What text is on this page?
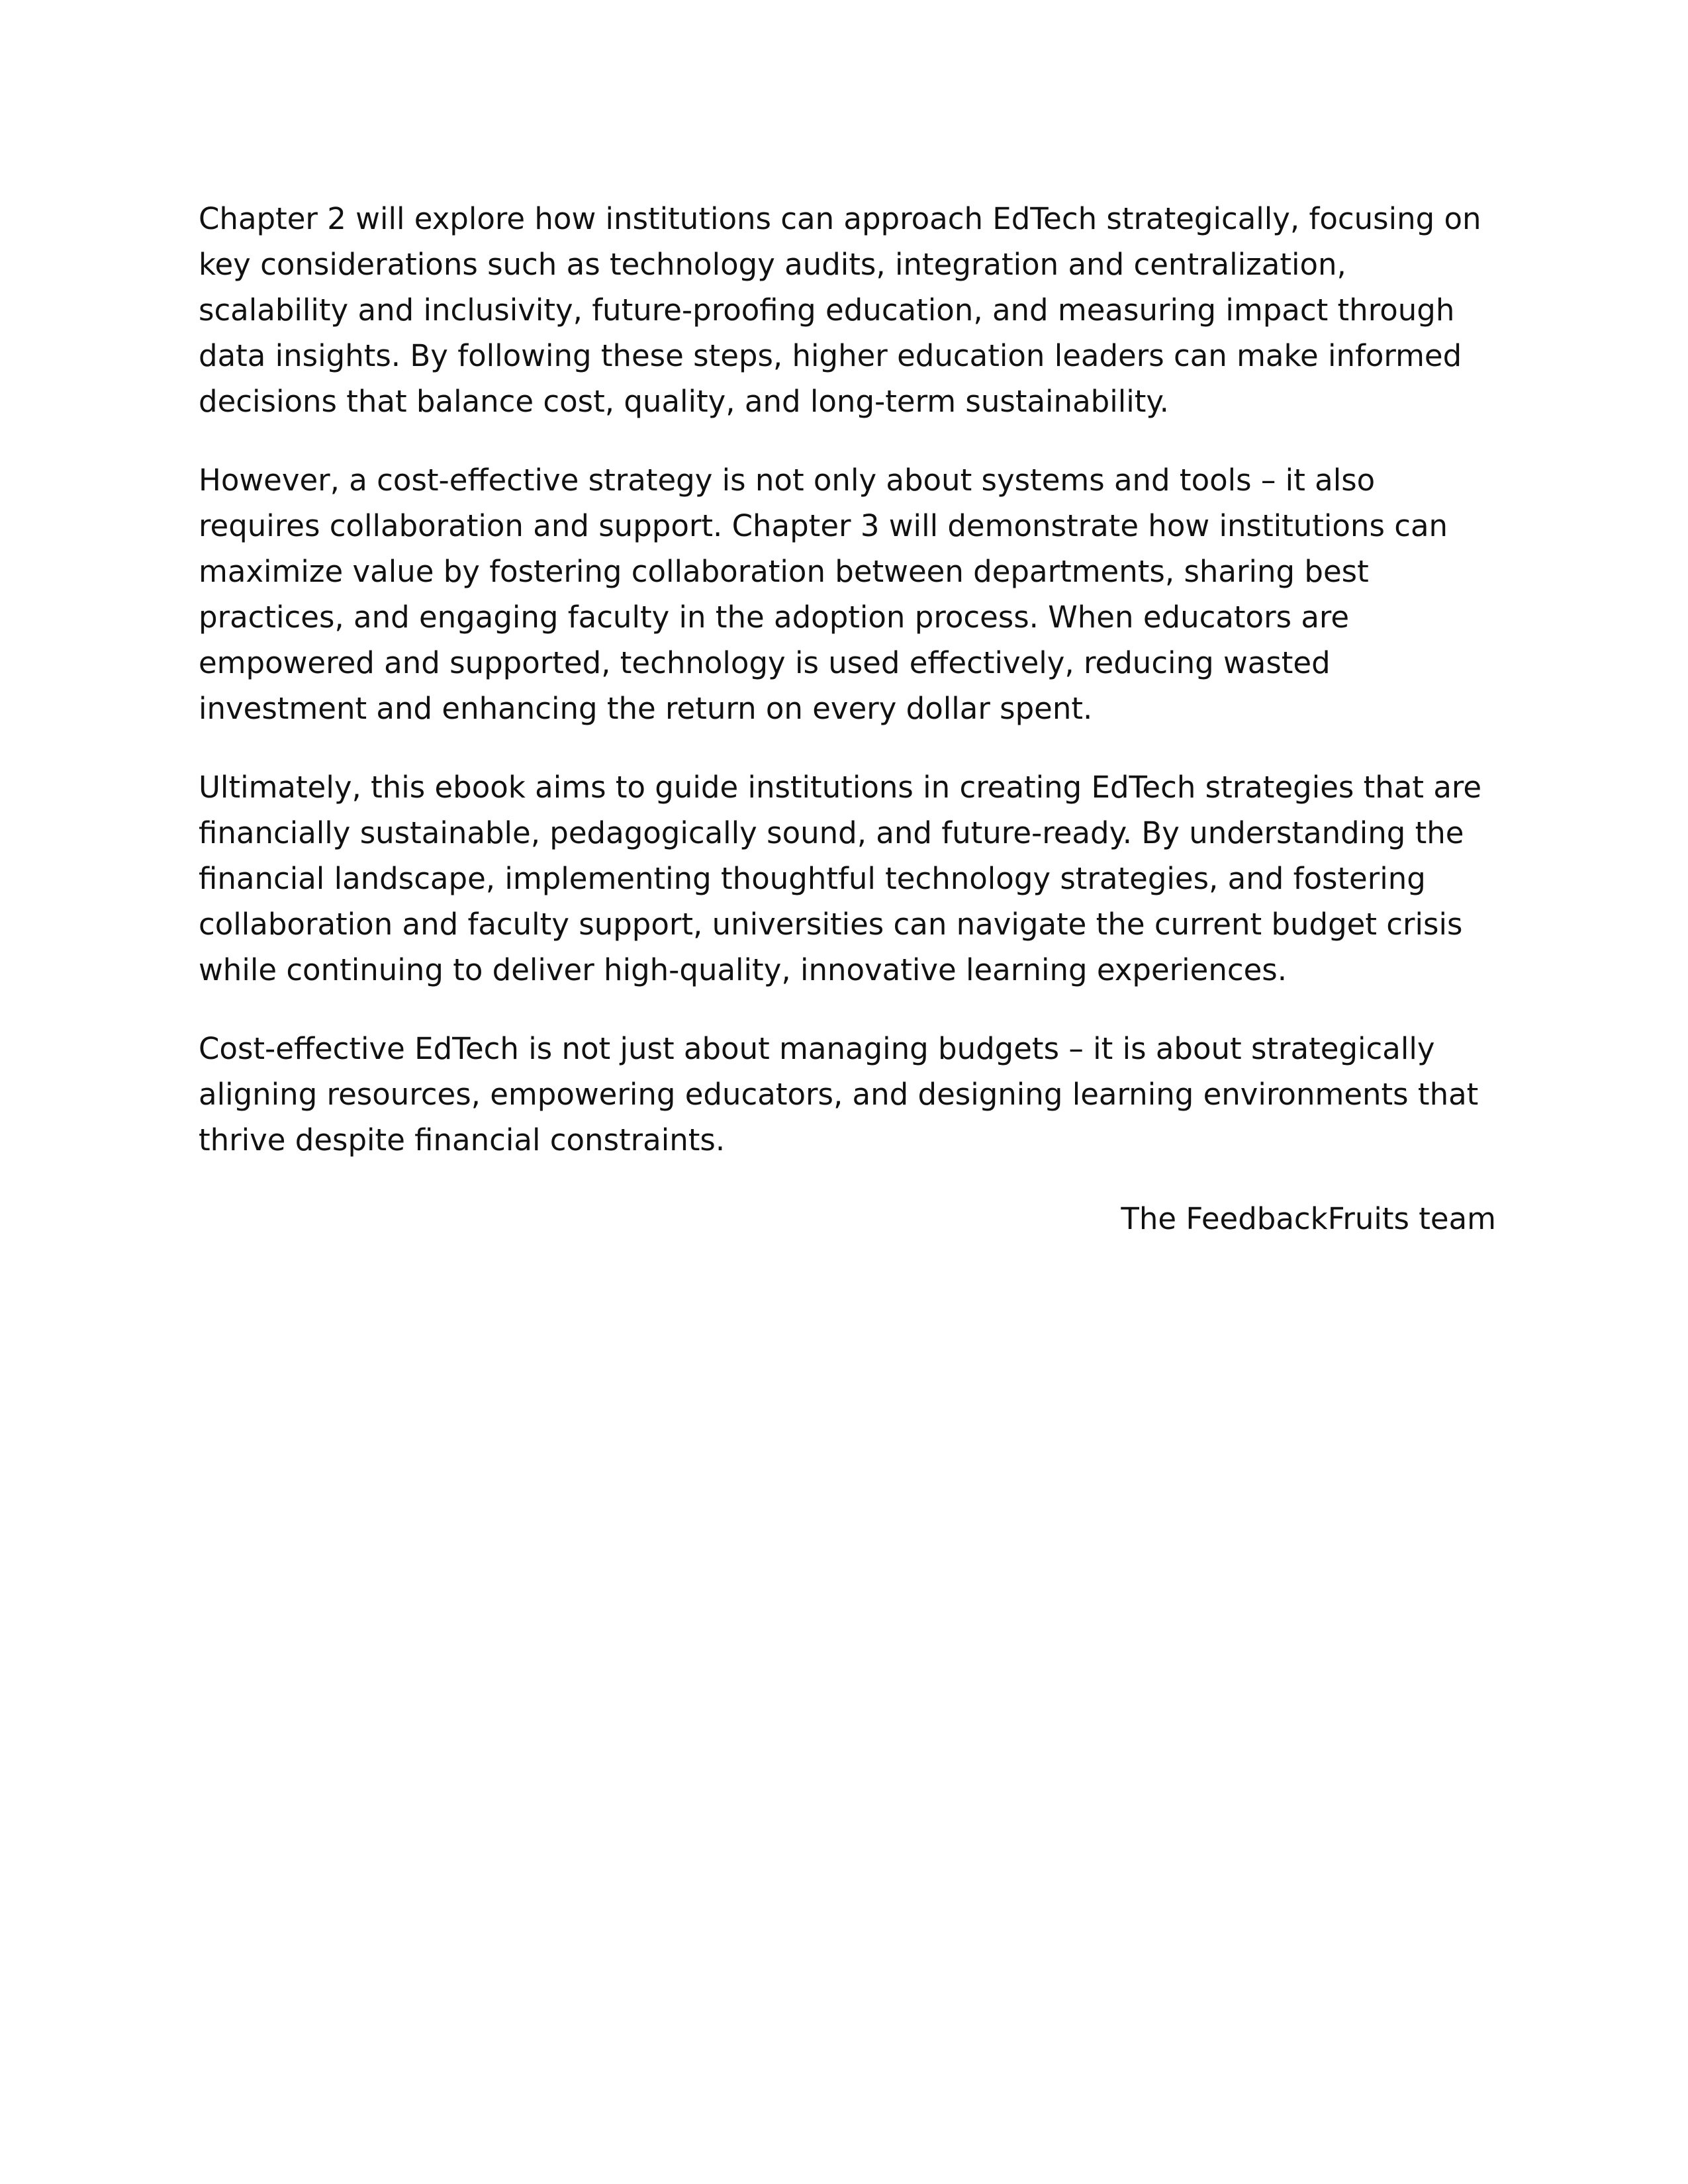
Chapter 2 will explore how institutions can approach EdTech strategically, focusing on key considerations such as technology audits, integration and centralization, scalability and inclusivity, future-proofing education, and measuring impact through data insights. By following these steps, higher education leaders can make informed decisions that balance cost, quality, and long-term sustainability.

However, a cost-effective strategy is not only about systems and tools – it also requires collaboration and support. Chapter 3 will demonstrate how institutions can maximize value by fostering collaboration between departments, sharing best practices, and engaging faculty in the adoption process. When educators are empowered and supported, technology is used effectively, reducing wasted investment and enhancing the return on every dollar spent.

Ultimately, this ebook aims to guide institutions in creating EdTech strategies that are financially sustainable, pedagogically sound, and future-ready. By understanding the financial landscape, implementing thoughtful technology strategies, and fostering collaboration and faculty support, universities can navigate the current budget crisis while continuing to deliver high-quality, innovative learning experiences.

Cost-effective EdTech is not just about managing budgets – it is about strategically aligning resources, empowering educators, and designing learning environments that thrive despite financial constraints.

The FeedbackFruits team
